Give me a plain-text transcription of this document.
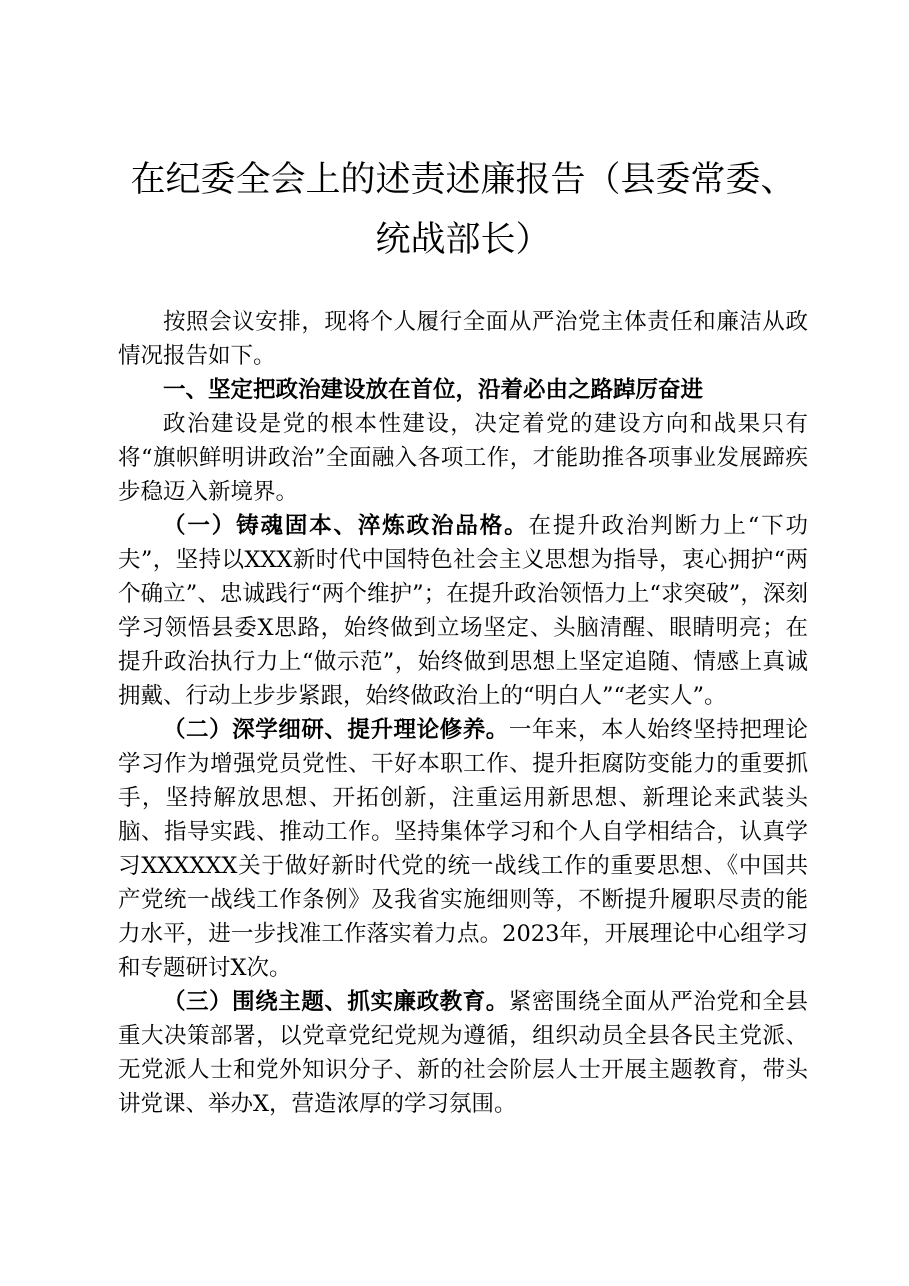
在纪委全会上的述责述廉报告（县委常委、统战部长）

按照会议安排，现将个人履行全面从严治党主体责任和廉洁从政情况报告如下。

一、坚定把政治建设放在首位，沿着必由之路踔厉奋进

政治建设是党的根本性建设，决定着党的建设方向和战果只有将“旗帜鲜明讲政治”全面融入各项工作，才能助推各项事业发展蹄疾步稳迈入新境界。

（一）铸魂固本、淬炼政治品格。在提升政治判断力上“下功夫”，坚持以XXX新时代中国特色社会主义思想为指导，衷心拥护“两个确立”、忠诚践行“两个维护”；在提升政治领悟力上“求突破”，深刻学习领悟县委X思路，始终做到立场坚定、头脑清醒、眼睛明亮；在提升政治执行力上“做示范”，始终做到思想上坚定追随、情感上真诚拥戴、行动上步步紧跟，始终做政治上的“明白人”“老实人”。

（二）深学细研、提升理论修养。一年来，本人始终坚持把理论学习作为增强党员党性、干好本职工作、提升拒腐防变能力的重要抓手，坚持解放思想、开拓创新，注重运用新思想、新理论来武装头脑、指导实践、推动工作。坚持集体学习和个人自学相结合，认真学习XXXXXX关于做好新时代党的统一战线工作的重要思想、《中国共产党统一战线工作条例》及我省实施细则等，不断提升履职尽责的能力水平，进一步找准工作落实着力点。2023年，开展理论中心组学习和专题研讨X次。

（三）围绕主题、抓实廉政教育。紧密围绕全面从严治党和全县重大决策部署，以党章党纪党规为遵循，组织动员全县各民主党派、无党派人士和党外知识分子、新的社会阶层人士开展主题教育，带头讲党课、举办X，营造浓厚的学习氛围。
